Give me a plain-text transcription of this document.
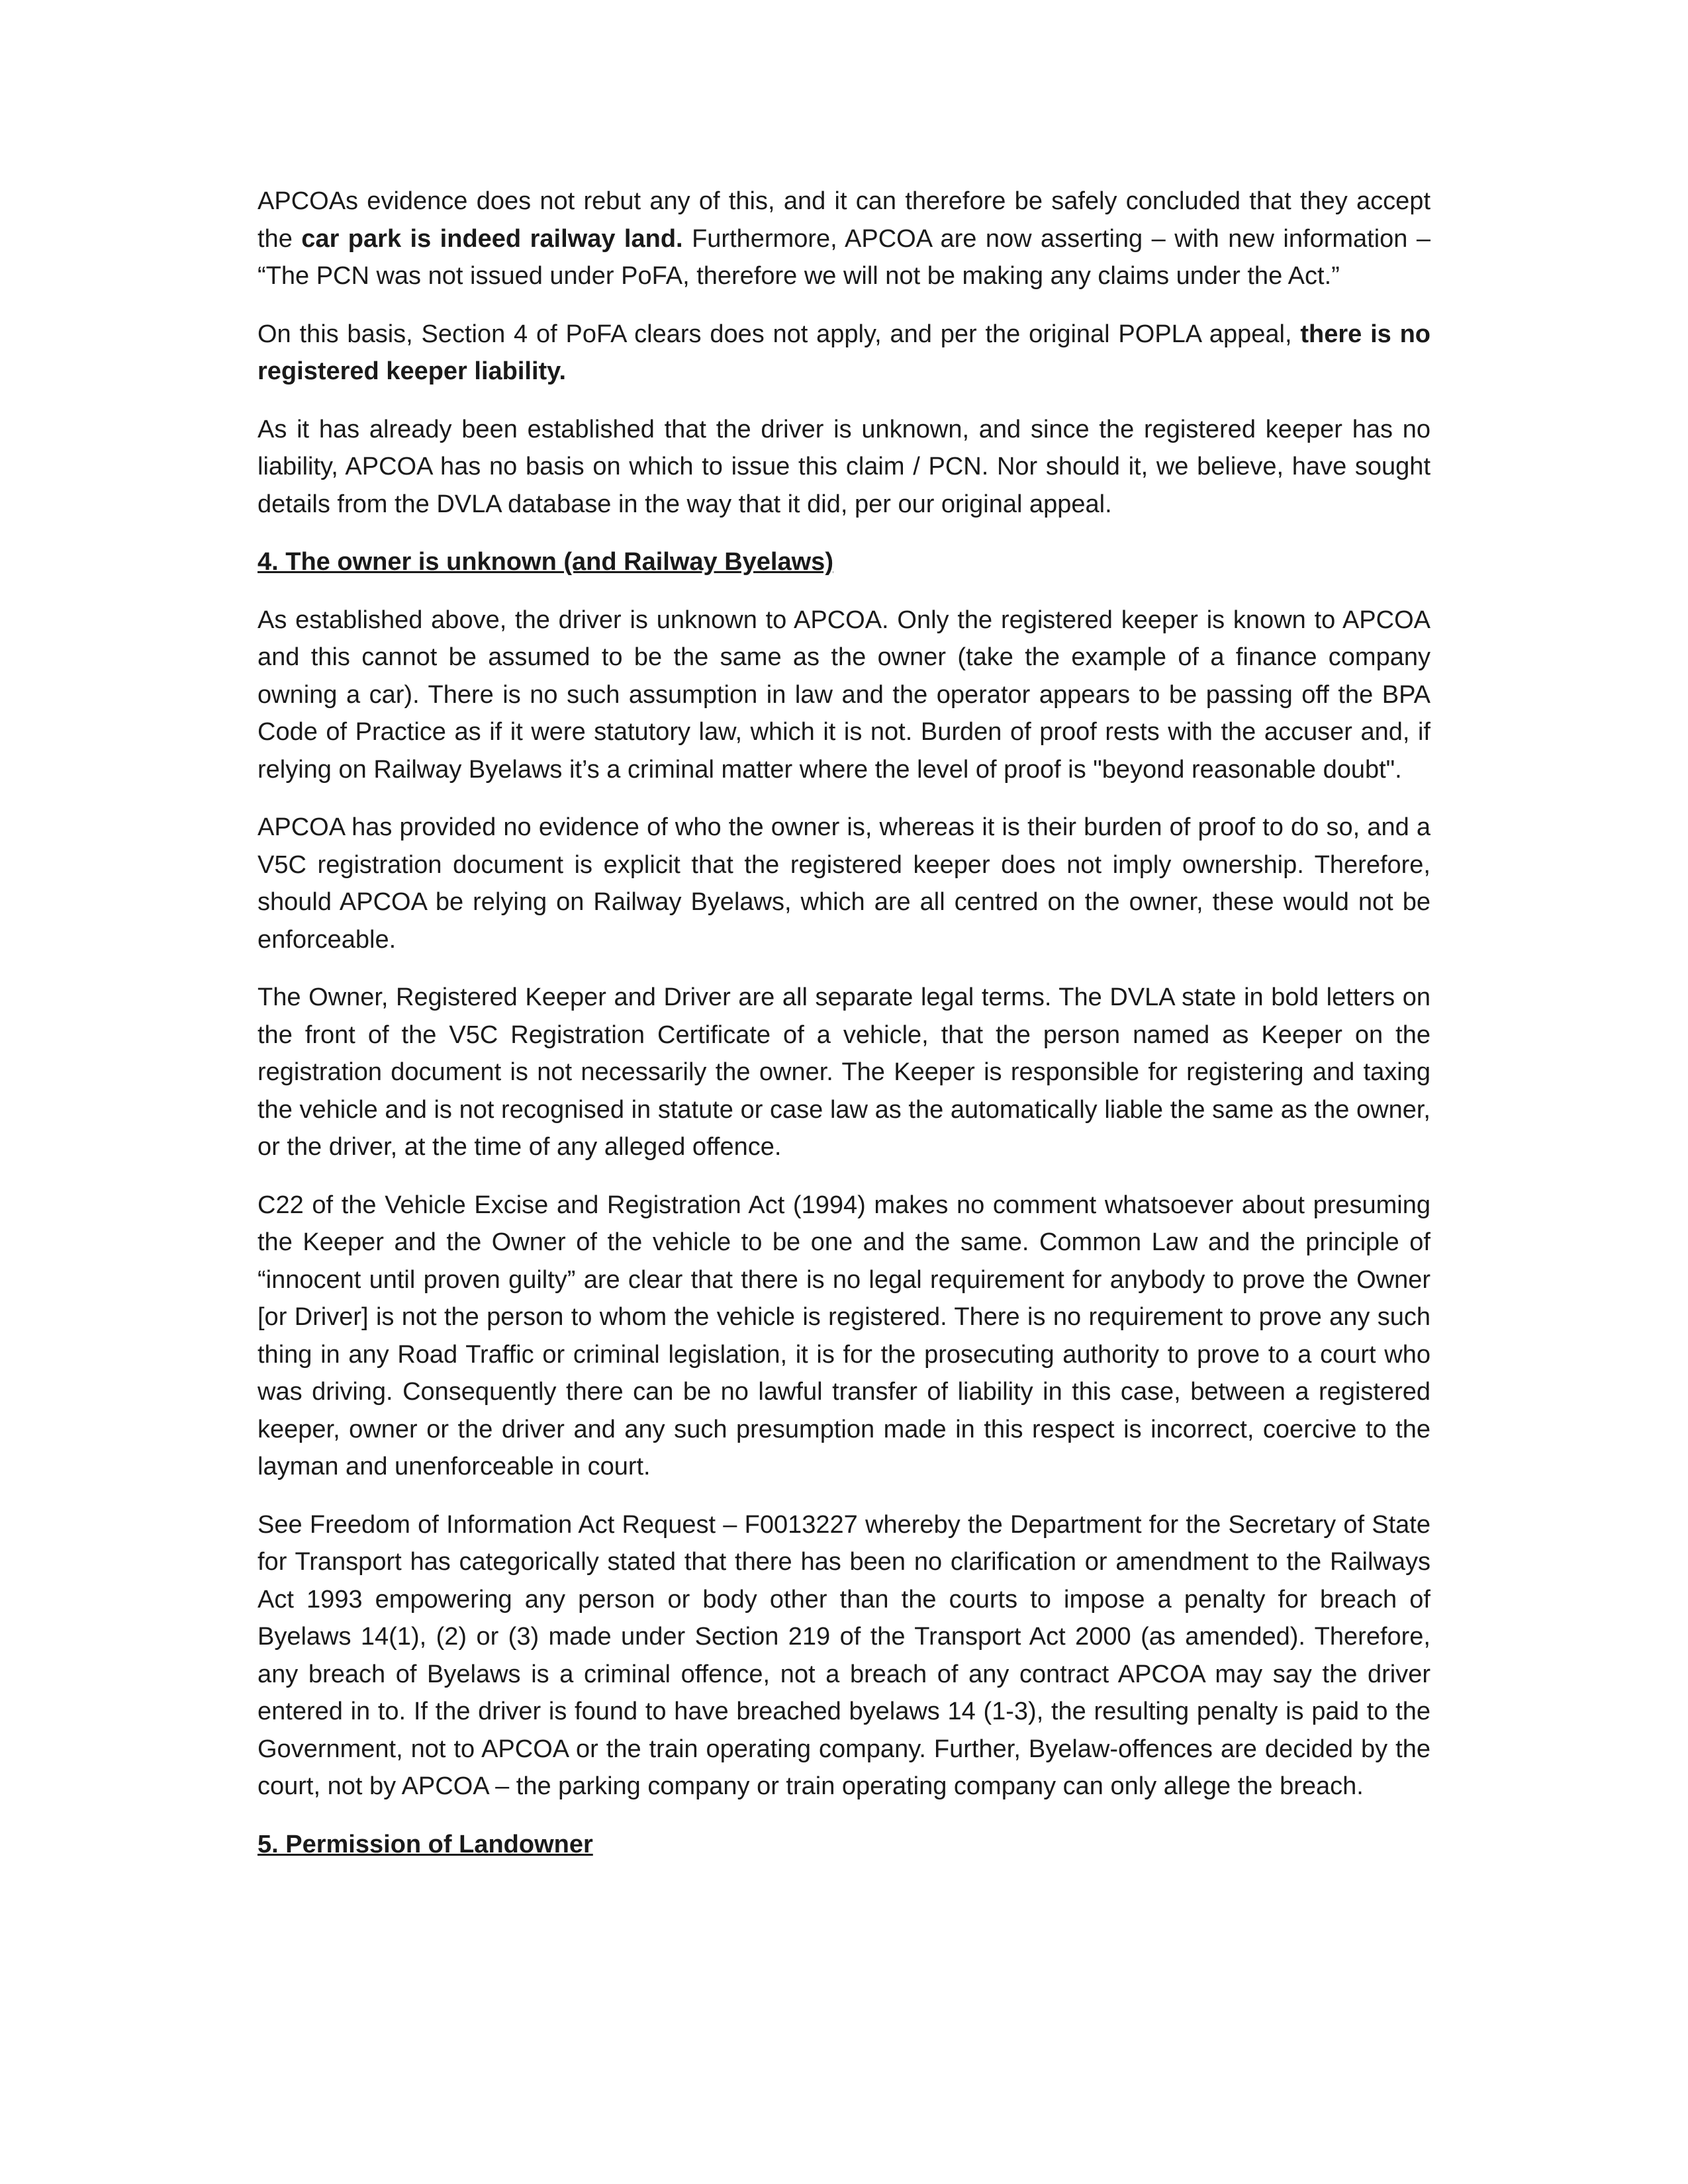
APCOAs evidence does not rebut any of this, and it can therefore be safely concluded that they accept the car park is indeed railway land. Furthermore, APCOA are now asserting – with new information – “The PCN was not issued under PoFA, therefore we will not be making any claims under the Act.”

On this basis, Section 4 of PoFA clears does not apply, and per the original POPLA appeal, there is no registered keeper liability.

As it has already been established that the driver is unknown, and since the registered keeper has no liability, APCOA has no basis on which to issue this claim / PCN. Nor should it, we believe, have sought details from the DVLA database in the way that it did, per our original appeal.

4. The owner is unknown (and Railway Byelaws)

As established above, the driver is unknown to APCOA. Only the registered keeper is known to APCOA and this cannot be assumed to be the same as the owner (take the example of a finance company owning a car). There is no such assumption in law and the operator appears to be passing off the BPA Code of Practice as if it were statutory law, which it is not. Burden of proof rests with the accuser and, if relying on Railway Byelaws it’s a criminal matter where the level of proof is "beyond reasonable doubt".

APCOA has provided no evidence of who the owner is, whereas it is their burden of proof to do so, and a V5C registration document is explicit that the registered keeper does not imply ownership. Therefore, should APCOA be relying on Railway Byelaws, which are all centred on the owner, these would not be enforceable.

The Owner, Registered Keeper and Driver are all separate legal terms. The DVLA state in bold letters on the front of the V5C Registration Certificate of a vehicle, that the person named as Keeper on the registration document is not necessarily the owner. The Keeper is responsible for registering and taxing the vehicle and is not recognised in statute or case law as the automatically liable the same as the owner, or the driver, at the time of any alleged offence.

C22 of the Vehicle Excise and Registration Act (1994) makes no comment whatsoever about presuming the Keeper and the Owner of the vehicle to be one and the same. Common Law and the principle of “innocent until proven guilty” are clear that there is no legal requirement for anybody to prove the Owner [or Driver] is not the person to whom the vehicle is registered. There is no requirement to prove any such thing in any Road Traffic or criminal legislation, it is for the prosecuting authority to prove to a court who was driving. Consequently there can be no lawful transfer of liability in this case, between a registered keeper, owner or the driver and any such presumption made in this respect is incorrect, coercive to the layman and unenforceable in court.

See Freedom of Information Act Request – F0013227 whereby the Department for the Secretary of State for Transport has categorically stated that there has been no clarification or amendment to the Railways Act 1993 empowering any person or body other than the courts to impose a penalty for breach of Byelaws 14(1), (2) or (3) made under Section 219 of the Transport Act 2000 (as amended). Therefore, any breach of Byelaws is a criminal offence, not a breach of any contract APCOA may say the driver entered in to. If the driver is found to have breached byelaws 14 (1-3), the resulting penalty is paid to the Government, not to APCOA or the train operating company. Further, Byelaw-offences are decided by the court, not by APCOA – the parking company or train operating company can only allege the breach.

5. Permission of Landowner
